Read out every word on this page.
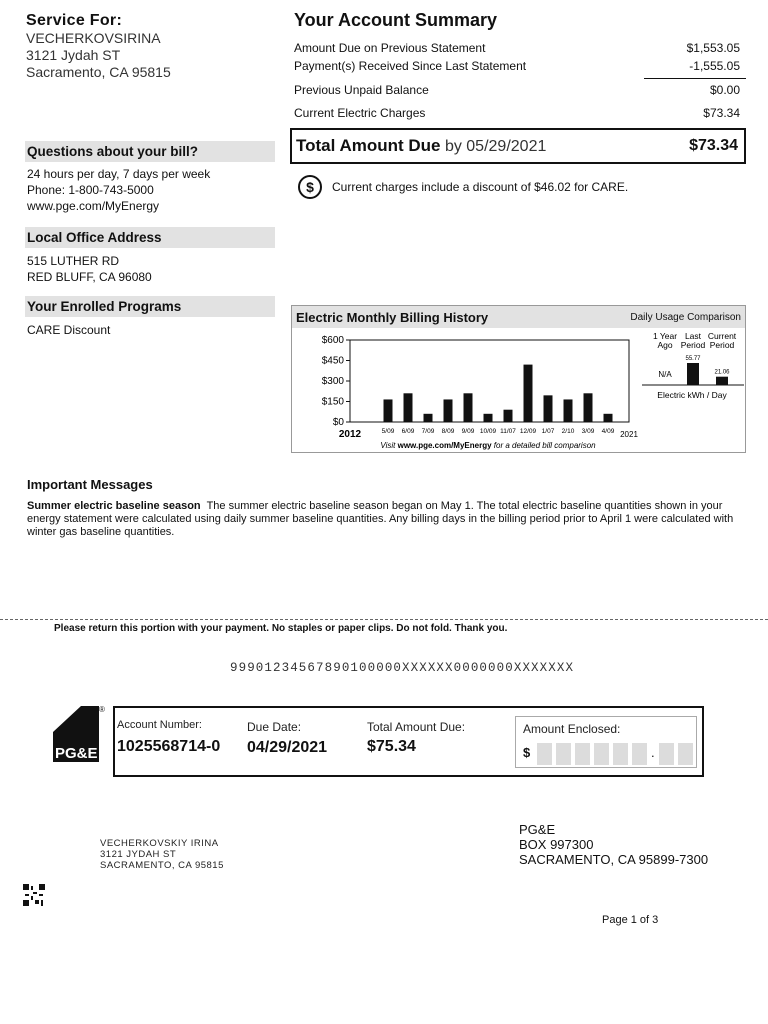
Service For:
VECHERKOVSIRINA
3121 Jydah ST
Sacramento, CA 95815
Questions about your bill?
24 hours per day, 7 days per week
Phone: 1-800-743-5000
www.pge.com/MyEnergy
Local Office Address
515 LUTHER RD
RED BLUFF, CA 96080
Your Enrolled Programs
CARE Discount
Your Account Summary
Amount Due on Previous Statement	$1,553.05
Payment(s) Received Since Last Statement	-1,555.05
Previous Unpaid Balance	$0.00
Current Electric Charges	$73.34
Total Amount Due by 05/29/2021	$73.34
$	Current charges include a discount of $46.02 for CARE.
Electric Monthly Billing History	Daily Usage Comparison
$600
$450
$300
$150
$0
5/09 6/09 7/09 8/09 9/09 10/09 11/07 12/09 1/07 2/10 3/09 4/09
2012	2021
Visit www.pge.com/MyEnergy for a detailed bill comparison
1 Year
Ago
Last
Period
Current
Period
N/A
55.77
21.06
Electric kWh / Day
Important Messages
Summer electric baseline season The summer electric baseline season began on May 1. The total electric baseline quantities shown in your energy statement were calculated using daily summer baseline quantities. Any billing days in the billing period prior to April 1 were calculated with winter gas baseline quantities.
Please return this portion with your payment. No staples or paper clips. Do not fold. Thank you.
99901234567890100000XXXXXX0000000XXXXXXX
PG&E
®
Account Number:
1025568714-0
Due Date:
04/29/2021
Total Amount Due:
$75.34
Amount Enclosed:
$	.
VECHERKOVSKIY IRINA
3121 JYDAH ST
SACRAMENTO, CA 95815
PG&E
BOX 997300
SACRAMENTO, CA 95899-7300
Page 1 of 3
